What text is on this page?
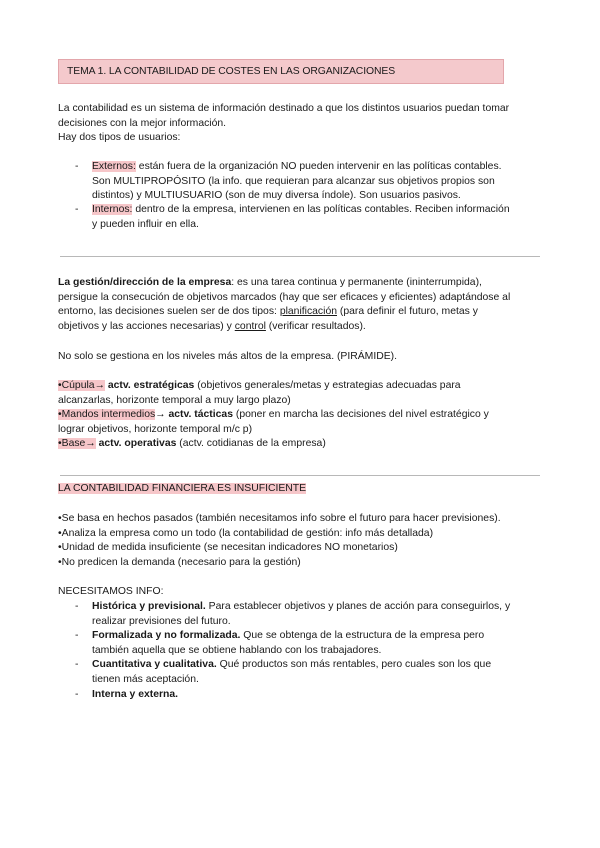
TEMA 1. LA CONTABILIDAD DE COSTES EN LAS ORGANIZACIONES

La contabilidad es un sistema de información destinado a que los distintos usuarios puedan tomar

decisiones con la mejor información.

Hay dos tipos de usuarios:

-	Externos: están fuera de la organización NO pueden intervenir en las políticas contables.

Son MULTIPROPÓSITO (la info. que requieran para alcanzar sus objetivos propios son

distintos) y MULTIUSUARIO (son de muy diversa índole). Son usuarios pasivos.

-	Internos: dentro de la empresa, intervienen en las políticas contables. Reciben información

y pueden influir en ella.

La gestión/dirección de la empresa: es una tarea continua y permanente (ininterrumpida),

persigue la consecución de objetivos marcados (hay que ser eficaces y eficientes) adaptándose al

entorno, las decisiones suelen ser de dos tipos: planificación (para definir el futuro, metas y

objetivos y las acciones necesarias) y control (verificar resultados).

No solo se gestiona en los niveles más altos de la empresa. (PIRÁMIDE).

•Cúpula→ actv. estratégicas (objetivos generales/metas y estrategias adecuadas para

alcanzarlas, horizonte temporal a muy largo plazo)

•Mandos intermedios→ actv. tácticas (poner en marcha las decisiones del nivel estratégico y

lograr objetivos, horizonte temporal m/c p)

•Base→ actv. operativas (actv. cotidianas de la empresa)

LA CONTABILIDAD FINANCIERA ES INSUFICIENTE

•Se basa en hechos pasados (también necesitamos info sobre el futuro para hacer previsiones).

•Analiza la empresa como un todo (la contabilidad de gestión: info más detallada)

•Unidad de medida insuficiente (se necesitan indicadores NO monetarios)

•No predicen la demanda (necesario para la gestión)

NECESITAMOS INFO:
-	Histórica y previsional. Para establecer objetivos y planes de acción para conseguirlos, y

realizar previsiones del futuro.

-	Formalizada y no formalizada. Que se obtenga de la estructura de la empresa pero

también aquella que se obtiene hablando con los trabajadores.

-	Cuantitativa y cualitativa. Qué productos son más rentables, pero cuales son los que

tienen más aceptación.

-	Interna y externa.
